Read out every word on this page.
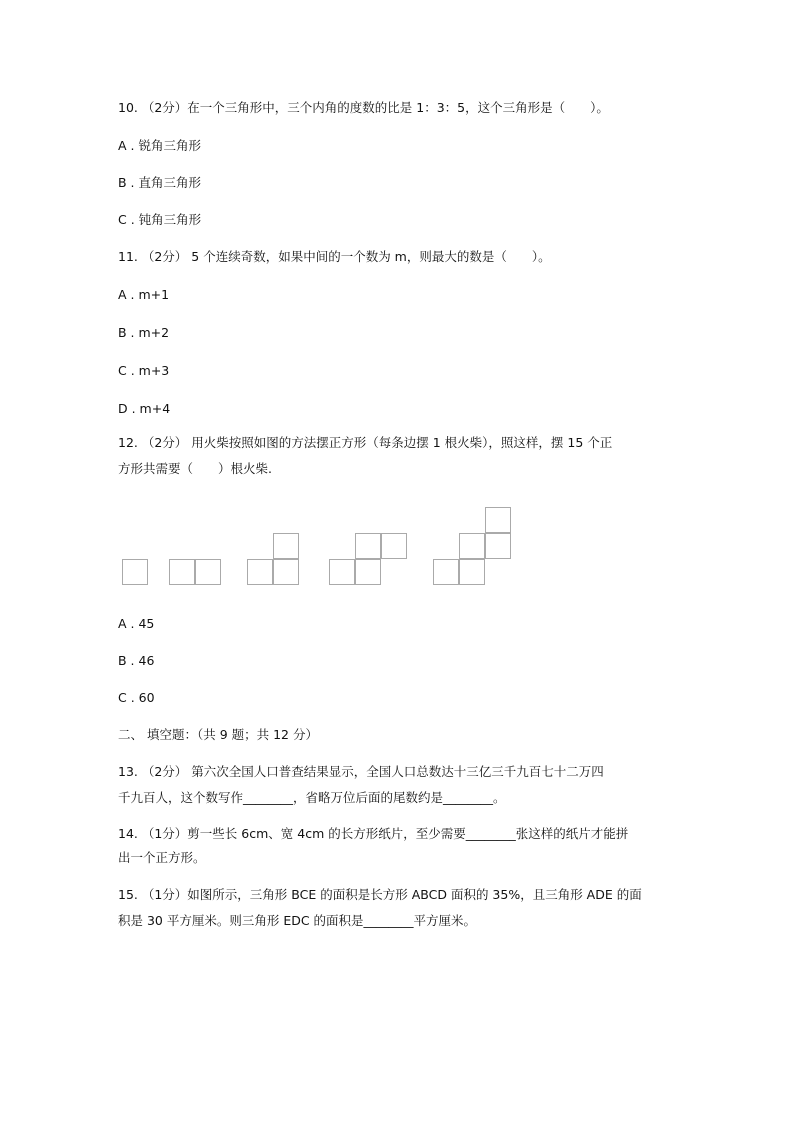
10. （2分）在一个三角形中，三个内角的度数的比是 1：3：5，这个三角形是（　　）。
A . 锐角三角形
B . 直角三角形
C . 钝角三角形
11. （2分） 5 个连续奇数，如果中间的一个数为 m，则最大的数是（　　）。
A . m+1
B . m+2
C . m+3
D . m+4
12. （2分） 用火柴按照如图的方法摆正方形（每条边摆 1 根火柴），照这样，摆 15 个正
方形共需要（　　）根火柴.
A . 45
B . 46
C . 60
二、 填空题：（共 9 题；共 12 分）
13. （2分） 第六次全国人口普查结果显示，全国人口总数达十三亿三千九百七十二万四
千九百人，这个数写作________，省略万位后面的尾数约是________。
14. （1分）剪一些长 6cm、宽 4cm 的长方形纸片，至少需要________张这样的纸片才能拼
出一个正方形。
15. （1分）如图所示，三角形 BCE 的面积是长方形 ABCD 面积的 35%，且三角形 ADE 的面
积是 30 平方厘米。则三角形 EDC 的面积是________平方厘米。
